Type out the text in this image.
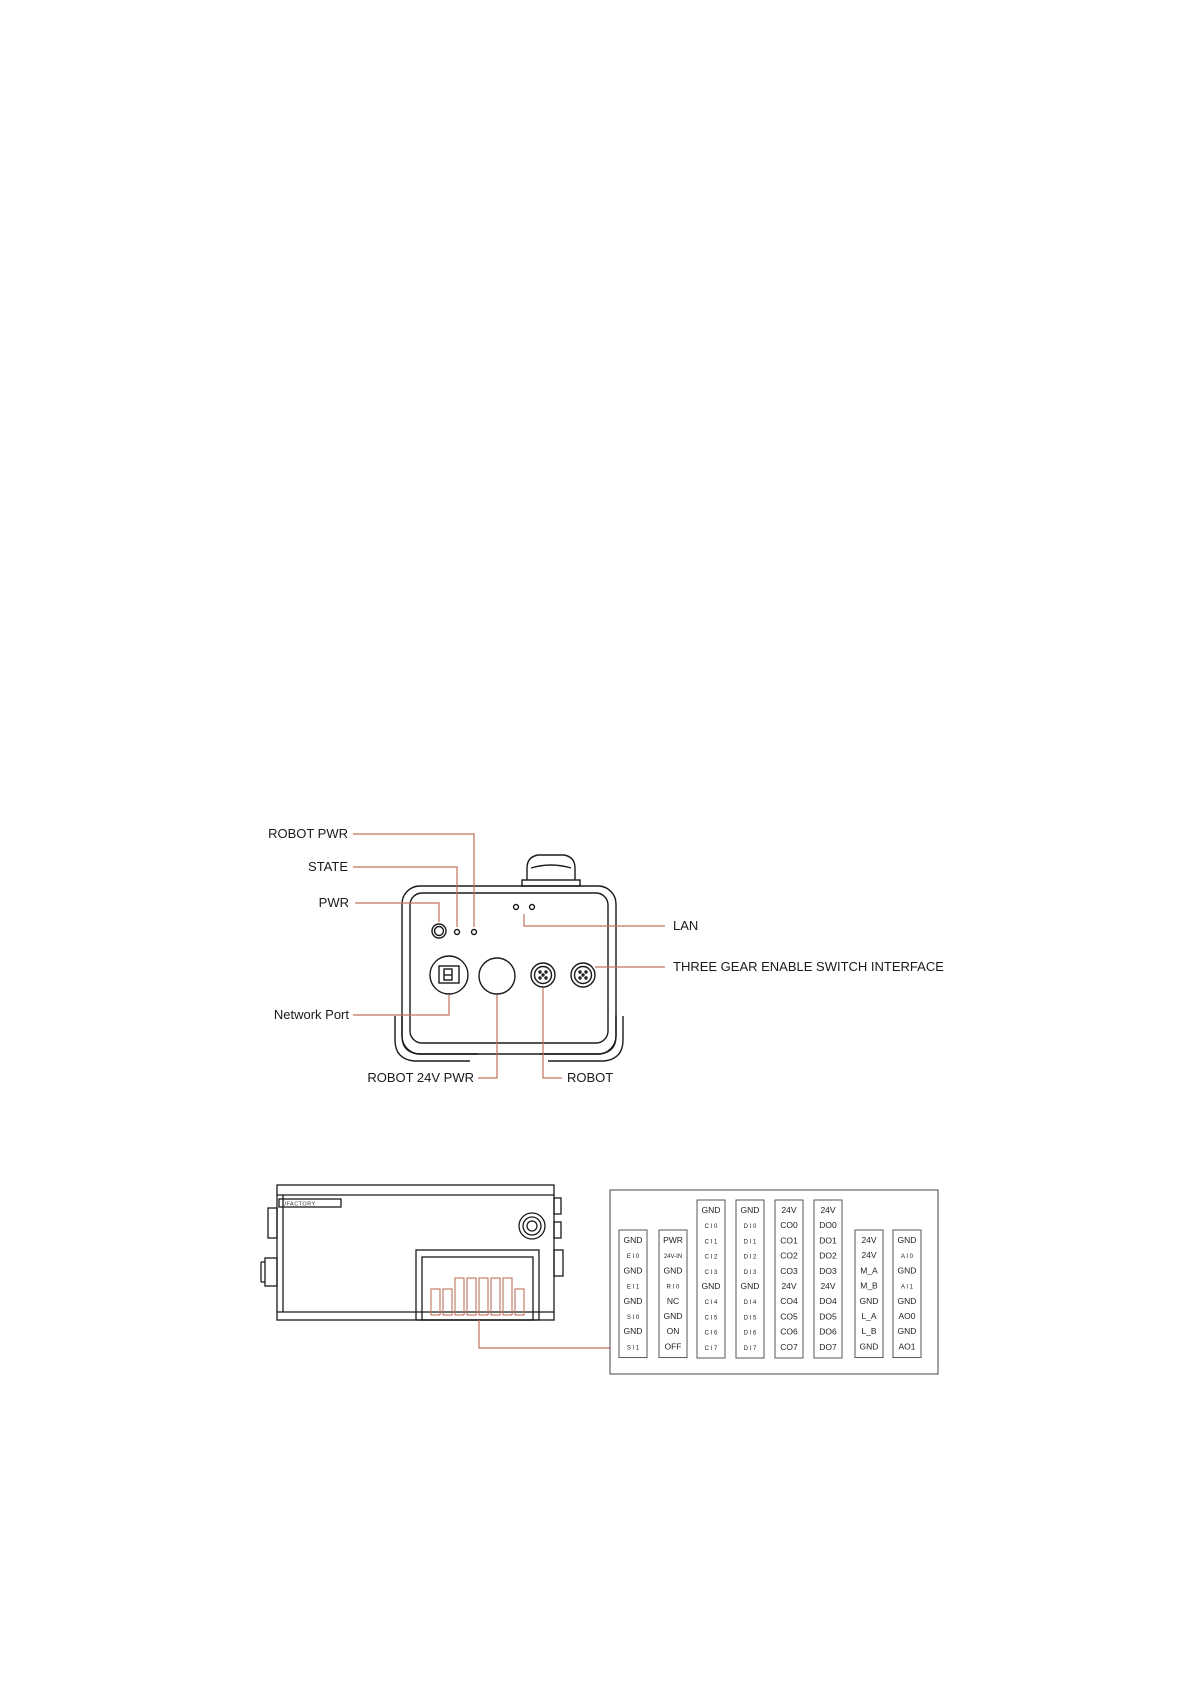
ROBOT PWR
STATE
PWR
Network Port
ROBOT 24V PWR	ROBOT
LAN
THREE GEAR ENABLE SWITCH INTERFACE
UFACTORY
GND
E I 0
GND
E I 1
GND
S I 0
GND
S I 1
PWR
24V-IN
GND
R I 0
NC
GND
ON
OFF
GND
C I 0
C I 1
C I 2
C I 3
GND
C I 4
C I 5
C I 6
C I 7
GND
D I 0
D I 1
D I 2
D I 3
GND
D I 4
D I 5
D I 6
D I 7
24V
CO0
CO1
CO2
CO3
24V
CO4
CO5
CO6
CO7
24V
DO0
DO1
DO2
DO3
24V
DO4
DO5
DO6
DO7
24V
24V
M_A
M_B
GND
L_A
L_B
GND
GND
A I 0
GND
A I 1
GND
AO0
GND
AO1
